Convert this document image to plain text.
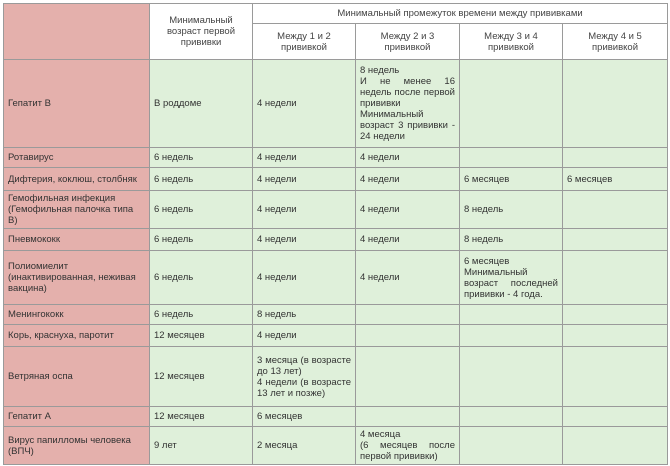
	Минимальный возраст первой прививки	Минимальный промежуток времени между прививками			
		Между 1 и 2 прививкой	Между 2 и 3 прививкой	Между 3 и 4 прививкой	Между 4 и 5 прививкой
Гепатит В	В роддоме	4 недели	8 недель
И не менее 16 недель после первой прививки
Минимальный возраст 3 прививки - 24 недели		
Ротавирус	6 недель	4 недели	4 недели		
Дифтерия, коклюш, столбняк	6 недель	4 недели	4 недели	6 месяцев	6 месяцев
Гемофильная инфекция (Гемофильная палочка типа В)	6 недель	4 недели	4 недели	8 недель	
Пневмококк	6 недель	4 недели	4 недели	8 недель	
Полиомиелит (инактивированная, неживая вакцина)	6 недель	4 недели	4 недели	6 месяцев
Минимальный возраст последней прививки - 4 года.	
Менингококк	6 недель	8 недель			
Корь, краснуха, паротит	12 месяцев	4 недели			
Ветряная оспа	12 месяцев	3 месяца (в возрасте до 13 лет)
4 недели (в возрасте 13 лет и позже)			
Гепатит А	12 месяцев	6 месяцев			
Вирус папилломы человека (ВПЧ)	9 лет	2 месяца	4 месяца
(6 месяцев после первой прививки)		
